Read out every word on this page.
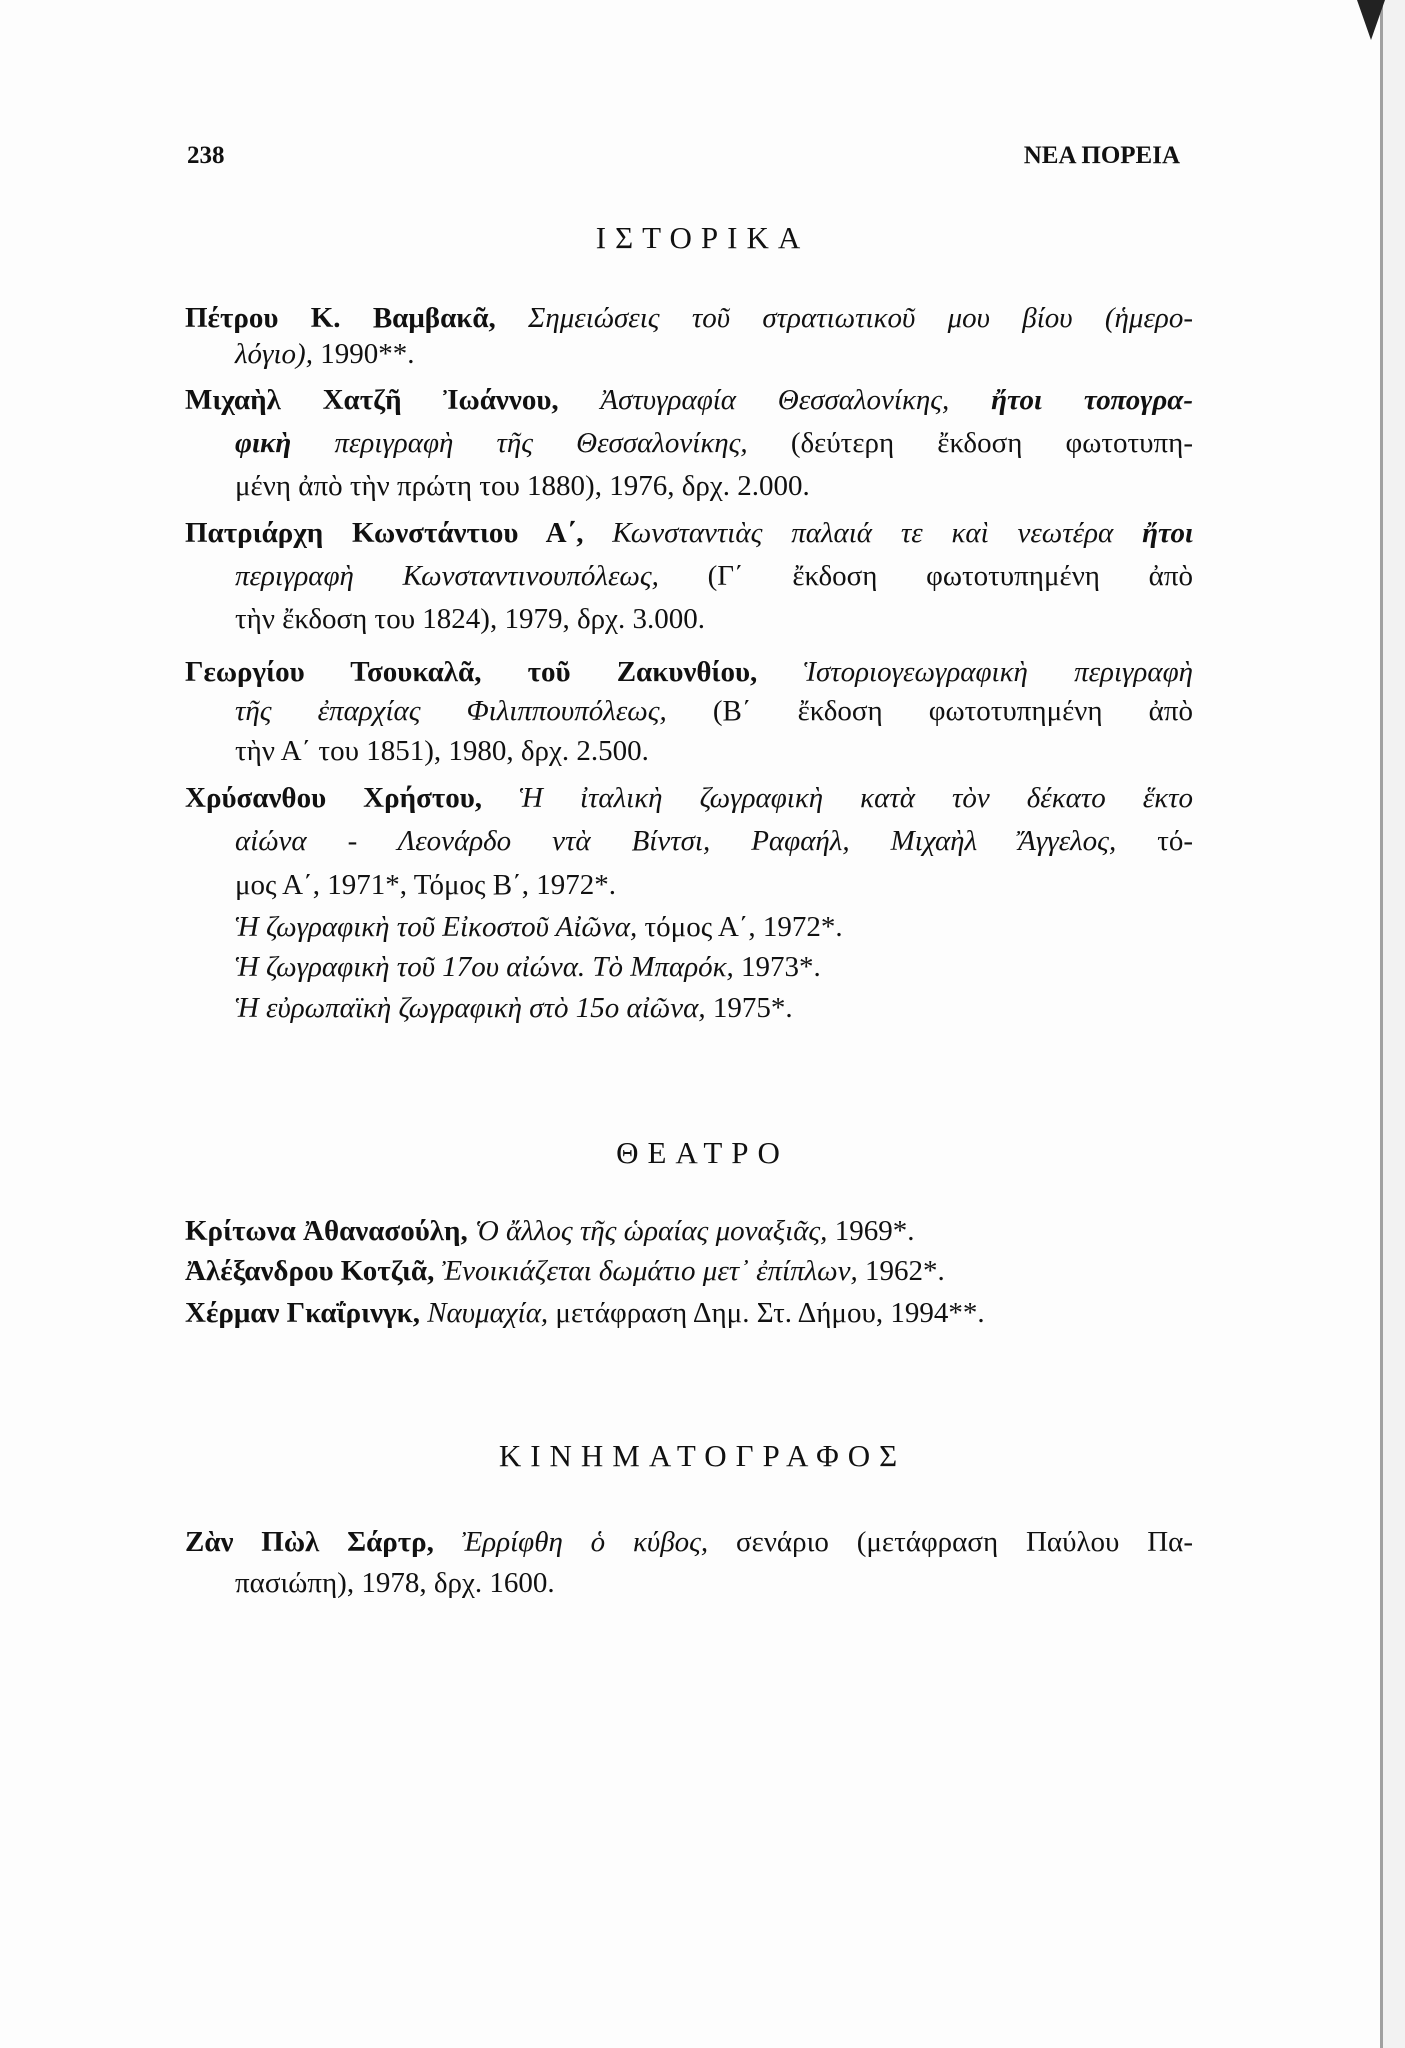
238	ΝΕΑ ΠΟΡΕΙΑ
ΙΣΤΟΡΙΚΑ
Πέτρου Κ. Βαμβακᾶ, Σημειώσεις τοῦ στρατιωτικοῦ μου βίου (ἡμερο-
λόγιο), 1990**.
Μιχαὴλ Χατζῆ Ἰωάννου, Ἀστυγραφία Θεσσαλονίκης, ἤτοι τοπογρα-
φικὴ περιγραφὴ τῆς Θεσσαλονίκης, (δεύτερη ἔκδοση φωτοτυπη-
μένη ἀπὸ τὴν πρώτη του 1880), 1976, δρχ. 2.000.
Πατριάρχη Κωνστάντιου Α΄, Κωνσταντιὰς παλαιά τε καὶ νεωτέρα ἤτοι
περιγραφὴ Κωνσταντινουπόλεως, (Γ΄ ἔκδοση φωτοτυπημένη ἀπὸ
τὴν ἔκδοση του 1824), 1979, δρχ. 3.000.
Γεωργίου Τσουκαλᾶ, τοῦ Ζακυνθίου, Ἱστοριογεωγραφικὴ περιγραφὴ
τῆς ἐπαρχίας Φιλιππουπόλεως, (Β΄ ἔκδοση φωτοτυπημένη ἀπὸ
τὴν Α΄ του 1851), 1980, δρχ. 2.500.
Χρύσανθου Χρήστου, Ἡ ἰταλικὴ ζωγραφικὴ κατὰ τὸν δέκατο ἕκτο
αἰώνα - Λεονάρδο ντὰ Βίντσι, Ραφαήλ, Μιχαὴλ Ἄγγελος, τό-
μος Α΄, 1971*, Τόμος Β΄, 1972*.
Ἡ ζωγραφικὴ τοῦ Εἰκοστοῦ Αἰῶνα, τόμος Α΄, 1972*.
Ἡ ζωγραφικὴ τοῦ 17ου αἰώνα. Τὸ Μπαρόκ, 1973*.
Ἡ εὐρωπαϊκὴ ζωγραφικὴ στὸ 15ο αἰῶνα, 1975*.
ΘΕΑΤΡΟ
Κρίτωνα Ἀθανασούλη, Ὁ ἄλλος τῆς ὡραίας μοναξιᾶς, 1969*.
Ἀλέξανδρου Κοτζιᾶ, Ἐνοικιάζεται δωμάτιο μετ᾽ ἐπίπλων, 1962*.
Χέρμαν Γκαΐρινγκ, Ναυμαχία, μετάφραση Δημ. Στ. Δήμου, 1994**.
ΚΙΝΗΜΑΤΟΓΡΑΦΟΣ
Ζὰν Πὼλ Σάρτρ, Ἐρρίφθη ὁ κύβος, σενάριο (μετάφραση Παύλου Πα-
πασιώπη), 1978, δρχ. 1600.
